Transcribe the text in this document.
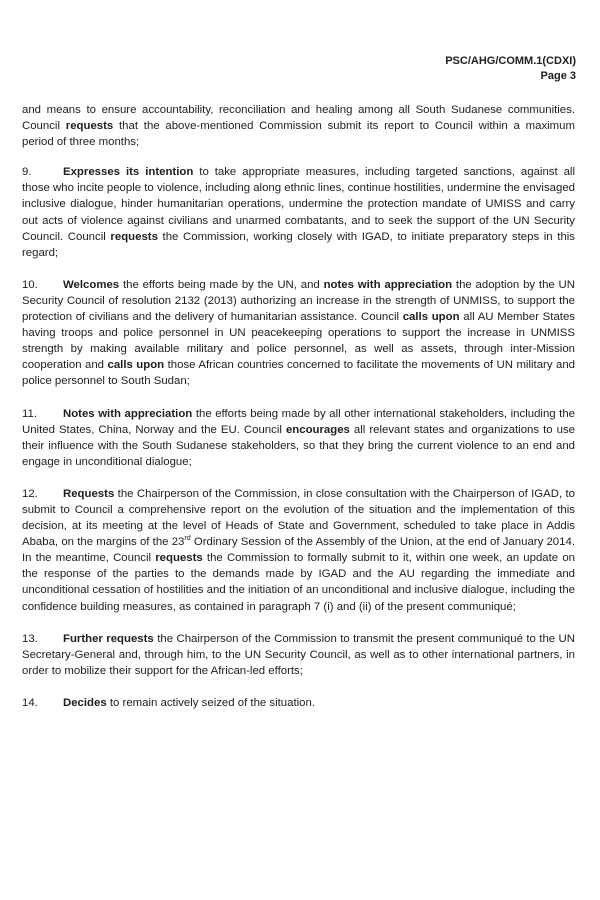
PSC/AHG/COMM.1(CDXI)
Page 3

and means to ensure accountability, reconciliation and healing among all South Sudanese communities. Council requests that the above-mentioned Commission submit its report to Council within a maximum period of three months;

9.	Expresses its intention to take appropriate measures, including targeted sanctions, against all those who incite people to violence, including along ethnic lines, continue hostilities, undermine the envisaged inclusive dialogue, hinder humanitarian operations, undermine the protection mandate of UMISS and carry out acts of violence against civilians and unarmed combatants, and to seek the support of the UN Security Council. Council requests the Commission, working closely with IGAD, to initiate preparatory steps in this regard;

10. Welcomes the efforts being made by the UN, and notes with appreciation the adoption by the UN Security Council of resolution 2132 (2013) authorizing an increase in the strength of UNMISS, to support the protection of civilians and the delivery of humanitarian assistance. Council calls upon all AU Member States having troops and police personnel in UN peacekeeping operations to support the increase in UNMISS strength by making available military and police personnel, as well as assets, through inter-Mission cooperation and calls upon those African countries concerned to facilitate the movements of UN military and police personnel to South Sudan;

11. Notes with appreciation the efforts being made by all other international stakeholders, including the United States, China, Norway and the EU. Council encourages all relevant states and organizations to use their influence with the South Sudanese stakeholders, so that they bring the current violence to an end and engage in unconditional dialogue;

12. Requests the Chairperson of the Commission, in close consultation with the Chairperson of IGAD, to submit to Council a comprehensive report on the evolution of the situation and the implementation of this decision, at its meeting at the level of Heads of State and Government, scheduled to take place in Addis Ababa, on the margins of the 23rd Ordinary Session of the Assembly of the Union, at the end of January 2014. In the meantime, Council requests the Commission to formally submit to it, within one week, an update on the response of the parties to the demands made by IGAD and the AU regarding the immediate and unconditional cessation of hostilities and the initiation of an unconditional and inclusive dialogue, including the confidence building measures, as contained in paragraph 7 (i) and (ii) of the present communiqué;

13. Further requests the Chairperson of the Commission to transmit the present communiqué to the UN Secretary-General and, through him, to the UN Security Council, as well as to other international partners, in order to mobilize their support for the African-led efforts;

14. Decides to remain actively seized of the situation.
